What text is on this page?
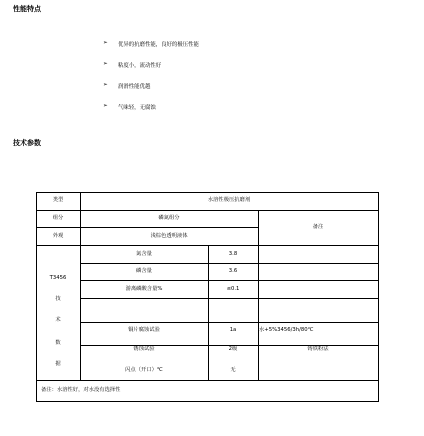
性能特点
技术参数
➢ 优异的抗磨性能，良好的极压性能
➢ 粘度小，流动性好
➢ 润滑性能优越
➢ 气味轻，无腐蚀
类型	水溶性极压抗磨剂
组分	磷氮组分
外观	浅棕色透明液体
备注
T3456
技
术
数
据
氮含量	3.8
磷含量	3.6
游离磷酸含量%	≤0.1
铜片腐蚀试验	1a	水+5%3456/3h/80℃
锈蚀试验	2级	铸铁粉法
闪点（开口）℃	无
备注：水溶性好，对水没有选择性
